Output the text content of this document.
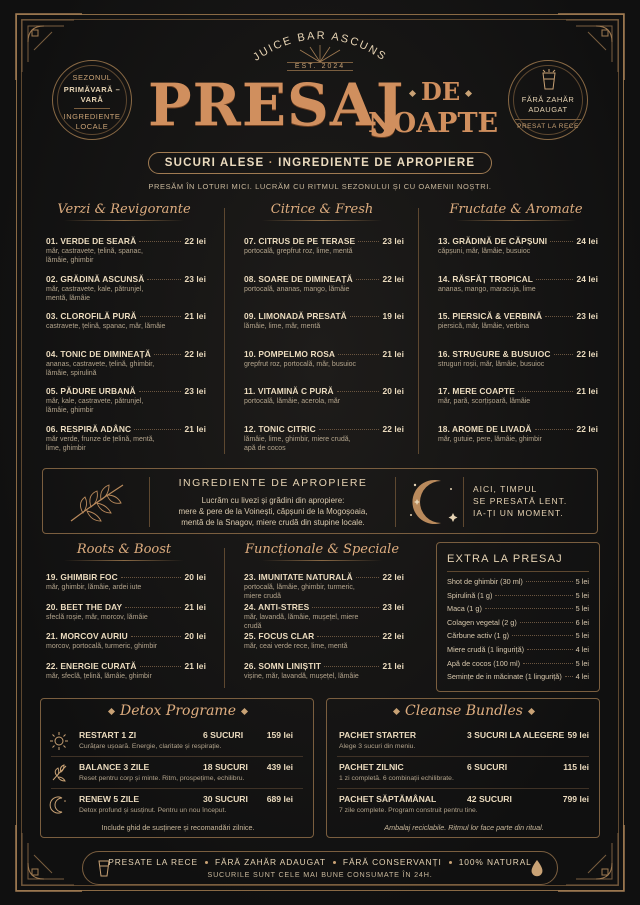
JUICE BAR ASCUNS
EST. 2024
PRESAJ DE
NOAPTE
SEZONUL
PRIMĂVARĂ –
VARĂ
INGREDIENTE
LOCALE
FĂRĂ ZAHĂR
ADAUGAT
PRESAT LA RECE
SUCURI ALESE · INGREDIENTE DE APROPIERE
PRESĂM ÎN LOTURI MICI. LUCRĂM CU RITMUL SEZONULUI ȘI CU OAMENII NOȘTRI.
Verzi & Revigorante	Citrice & Fresh	Fructate & Aromate
01. VERDE DE SEARĂ	22 lei
măr, castravete, țelină, spanac, lămâie, ghimbir
02. GRĂDINĂ ASCUNSĂ	23 lei
măr, castravete, kale, pătrunjel, mentă, lămâie
03. CLOROFILĂ PURĂ	21 lei
castravete, țelină, spanac, măr, lămâie
04. TONIC DE DIMINEAȚĂ	22 lei
ananas, castravete, țelină, ghimbir, lămâie, spirulină
05. PĂDURE URBANĂ	23 lei
măr, kale, castravete, pătrunjel, lămâie, ghimbir
06. RESPIRĂ ADÂNC	21 lei
măr verde, frunze de țelină, mentă, lime, ghimbir
07. CITRUS DE PE TERASE	23 lei
portocală, grepfrut roz, lime, mentă
08. SOARE DE DIMINEAȚĂ	22 lei
portocală, ananas, mango, lămâie
09. LIMONADĂ PRESATĂ	19 lei
lămâie, lime, măr, mentă
10. POMPELMO ROSA	21 lei
grepfrut roz, portocală, măr, busuioc
11. VITAMINĂ C PURĂ	20 lei
portocală, lămâie, acerola, măr
12. TONIC CITRIC	22 lei
lămâie, lime, ghimbir, miere crudă, apă de cocos
13. GRĂDINĂ DE CĂPȘUNI	24 lei
căpșuni, măr, lămâie, busuioc
14. RĂSFĂȚ TROPICAL	24 lei
ananas, mango, maracuja, lime
15. PIERSICĂ & VERBINĂ	23 lei
piersică, măr, lămâie, verbina
16. STRUGURE & BUSUIOC	22 lei
struguri roșii, măr, lămâie, busuioc
17. MERE COAPTE	21 lei
măr, pară, scorțișoară, lămâie
18. AROME DE LIVADĂ	22 lei
măr, gutuie, pere, lămâie, ghimbir
INGREDIENTE DE APROPIERE
Lucrăm cu livezi și grădini din apropiere:
mere & pere de la Voinești, căpșuni de la Mogoșoaia,
mentă de la Snagov, miere crudă din stupine locale.
AICI, TIMPUL
SE PRESATĂ LENT.
IA-ȚI UN MOMENT.
Roots & Boost	Funcționale & Speciale
19. GHIMBIR FOC	20 lei
măr, ghimbir, lămâie, ardei iute
20. BEET THE DAY	21 lei
sfeclă roșie, măr, morcov, lămâie
21. MORCOV AURIU	20 lei
morcov, portocală, turmeric, ghimbir
22. ENERGIE CURATĂ	21 lei
măr, sfeclă, țelină, lămâie, ghimbir
23. IMUNITATE NATURALĂ	22 lei
portocală, lămâie, ghimbir, turmeric, miere crudă
24. ANTI-STRES	23 lei
măr, lavandă, lămâie, mușețel, miere crudă
25. FOCUS CLAR	22 lei
măr, ceai verde rece, lime, mentă
26. SOMN LINIȘTIT	21 lei
vișine, măr, lavandă, mușețel, lămâie
EXTRA LA PRESAJ
Shot de ghimbir (30 ml)	5 lei
Spirulină (1 g)	5 lei
Maca (1 g)	5 lei
Colagen vegetal (2 g)	6 lei
Cărbune activ (1 g)	5 lei
Miere crudă (1 linguriță)	4 lei
Apă de cocos (100 ml)	5 lei
Semințe de in măcinate (1 linguriță) 4 lei
Detox Programe
RESTART 1 ZI	6 SUCURI	159 lei
Curățare ușoară. Energie, claritate și respirație.
BALANCE 3 ZILE	18 SUCURI 439 lei
Reset pentru corp și minte. Ritm, prospețime, echilibru.
RENEW 5 ZILE	30 SUCURI 689 lei
Detox profund și susținut. Pentru un nou început.
Include ghid de susținere și recomandări zilnice.
Cleanse Bundles
PACHET STARTER	3 SUCURI LA ALEGERE 59 lei
Alege 3 sucuri din meniu.
PACHET ZILNIC	6 SUCURI	115 lei
1 zi completă. 6 combinații echilibrate.
PACHET SĂPTĂMÂNAL	42 SUCURI	799 lei
7 zile complete. Program construit pentru tine.
Ambalaj reciclabile. Ritmul lor face parte din ritual.
PRESATE LA RECE FĂRĂ ZAHĂR ADAUGAT FĂRĂ CONSERVANȚI 100% NATURAL
SUCURILE SUNT CELE MAI BUNE CONSUMATE ÎN 24H.
